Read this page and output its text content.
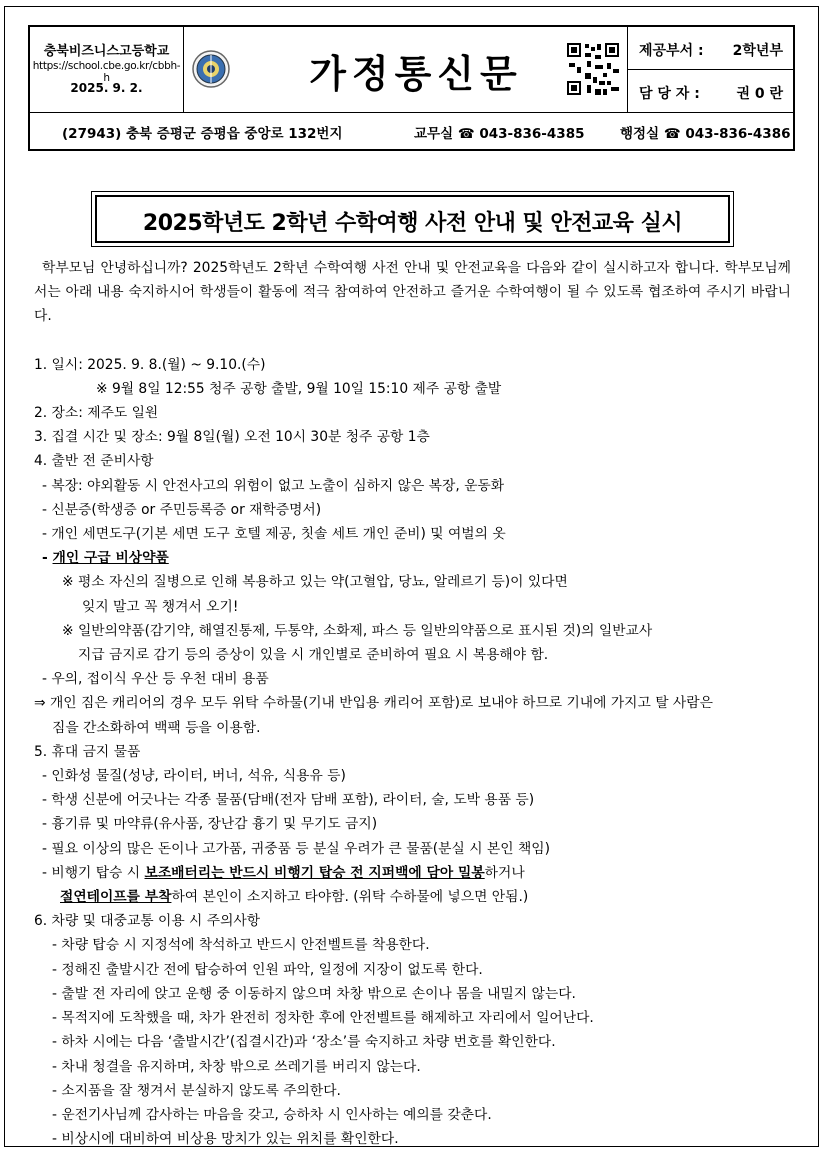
충북비즈니스고등학교
https://school.cbe.go.kr/cbbh-h
2025. 9. 2.	가정통신문
제공부서 : 2학년부
담 당 자 :	권 0 란
(27943) 충북 증평군 증평읍 중앙로 132번지	교무실 ☎ 043-836-4385	행정실 ☎ 043-836-4386
2025학년도 2학년 수학여행 사전 안내 및 안전교육 실시
학부모님 안녕하십니까? 2025학년도 2학년 수학여행 사전 안내 및 안전교육을 다음와 같이 실시하고자 합니다. 학부모님께서는 아래 내용 숙지하시어 학생들이 활동에 적극 참여하여 안전하고 즐거운 수학여행이 될 수 있도록 협조하여 주시기 바랍니다.
1. 일시: 2025. 9. 8.(월) ~ 9.10.(수)
※ 9월 8일 12:55 청주 공항 출발, 9월 10일 15:10 제주 공항 출발
2. 장소: 제주도 일원
3. 집결 시간 및 장소: 9월 8일(월) 오전 10시 30분 청주 공항 1층
4. 출반 전 준비사항
- 복장: 야외활동 시 안전사고의 위험이 없고 노출이 심하지 않은 복장, 운동화
- 신분증(학생증 or 주민등록증 or 재학증명서)
- 개인 세면도구(기본 세면 도구 호텔 제공, 칫솔 세트 개인 준비) 및 여벌의 옷
- 개인 구급 비상약품
※ 평소 자신의 질병으로 인해 복용하고 있는 약(고혈압, 당뇨, 알레르기 등)이 있다면
잊지 말고 꼭 챙겨서 오기!
※ 일반의약품(감기약, 해열진통제, 두통약, 소화제, 파스 등 일반의약품으로 표시된 것)의 일반교사
지급 금지로 감기 등의 증상이 있을 시 개인별로 준비하여 필요 시 복용해야 함.
- 우의, 접이식 우산 등 우천 대비 용품
⇒ 개인 짐은 캐리어의 경우 모두 위탁 수하물(기내 반입용 캐리어 포함)로 보내야 하므로 기내에 가지고 탈 사람은
짐을 간소화하여 백팩 등을 이용함.
5. 휴대 금지 물품
- 인화성 물질(성냥, 라이터, 버너, 석유, 식용유 등)
- 학생 신분에 어긋나는 각종 물품(담배(전자 담배 포함), 라이터, 술, 도박 용품 등)
- 흉기류 및 마약류(유사품, 장난감 흉기 및 무기도 금지)
- 필요 이상의 많은 돈이나 고가품, 귀중품 등 분실 우려가 큰 물품(분실 시 본인 책임)
- 비행기 탑승 시 보조배터리는 반드시 비행기 탑승 전 지퍼백에 담아 밀봉하거나
절연테이프를 부착하여 본인이 소지하고 타야함. (위탁 수하물에 넣으면 안됨.)
6. 차량 및 대중교통 이용 시 주의사항
- 차량 탑승 시 지정석에 착석하고 반드시 안전벨트를 착용한다.
- 정해진 출발시간 전에 탑승하여 인원 파악, 일정에 지장이 없도록 한다.
- 출발 전 자리에 앉고 운행 중 이동하지 않으며 차창 밖으로 손이나 몸을 내밀지 않는다.
- 목적지에 도착했을 때, 차가 완전히 정차한 후에 안전벨트를 해제하고 자리에서 일어난다.
- 하차 시에는 다음 ‘출발시간’(집결시간)과 ‘장소’를 숙지하고 차량 번호를 확인한다.
- 차내 청결을 유지하며, 차창 밖으로 쓰레기를 버리지 않는다.
- 소지품을 잘 챙겨서 분실하지 않도록 주의한다.
- 운전기사님께 감사하는 마음을 갖고, 승하차 시 인사하는 예의를 갖춘다.
- 비상시에 대비하여 비상용 망치가 있는 위치를 확인한다.
